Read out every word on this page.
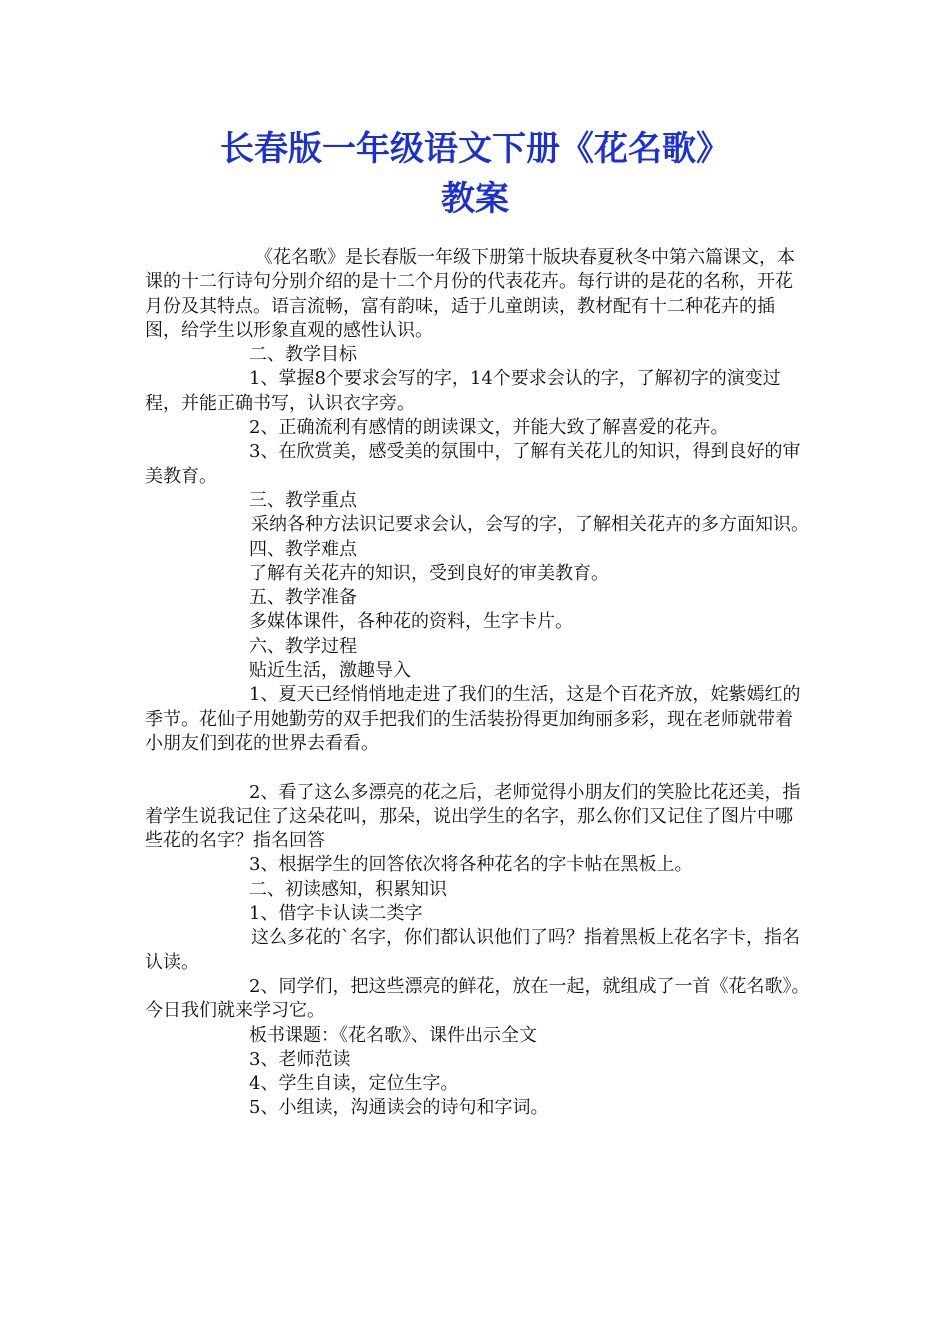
长春版一年级语文下册《花名歌》
教案

《花名歌》是长春版一年级下册第十版块春夏秋冬中第六篇课文，本课的十二行诗句分别介绍的是十二个月份的代表花卉。每行讲的是花的名称，开花月份及其特点。语言流畅，富有韵味，适于儿童朗读，教材配有十二种花卉的插图，给学生以形象直观的感性认识。

二、教学目标

1、掌握8个要求会写的字，14个要求会认的字，了解初字的演变过程，并能正确书写，认识衣字旁。

2、正确流利有感情的朗读课文，并能大致了解喜爱的花卉。

3、在欣赏美，感受美的氛围中，了解有关花儿的知识，得到良好的审美教育。

三、教学重点

采纳各种方法识记要求会认，会写的字，了解相关花卉的多方面知识。

四、教学难点

了解有关花卉的知识，受到良好的审美教育。

五、教学准备

多媒体课件，各种花的资料，生字卡片。

六、教学过程

贴近生活，激趣导入

1、夏天已经悄悄地走进了我们的生活，这是个百花齐放，姹紫嫣红的季节。花仙子用她勤劳的双手把我们的生活装扮得更加绚丽多彩，现在老师就带着小朋友们到花的世界去看看。

2、看了这么多漂亮的花之后，老师觉得小朋友们的笑脸比花还美，指着学生说我记住了这朵花叫，那朵，说出学生的名字，那么你们又记住了图片中哪些花的名字？指名回答

3、根据学生的回答依次将各种花名的字卡帖在黑板上。

二、初读感知，积累知识

1、借字卡认读二类字

这么多花的`名字，你们都认识他们了吗？指着黑板上花名字卡，指名认读。

2、同学们，把这些漂亮的鲜花，放在一起，就组成了一首《花名歌》。今日我们就来学习它。

板书课题：《花名歌》、课件出示全文

3、老师范读

4、学生自读，定位生字。

5、小组读，沟通读会的诗句和字词。
